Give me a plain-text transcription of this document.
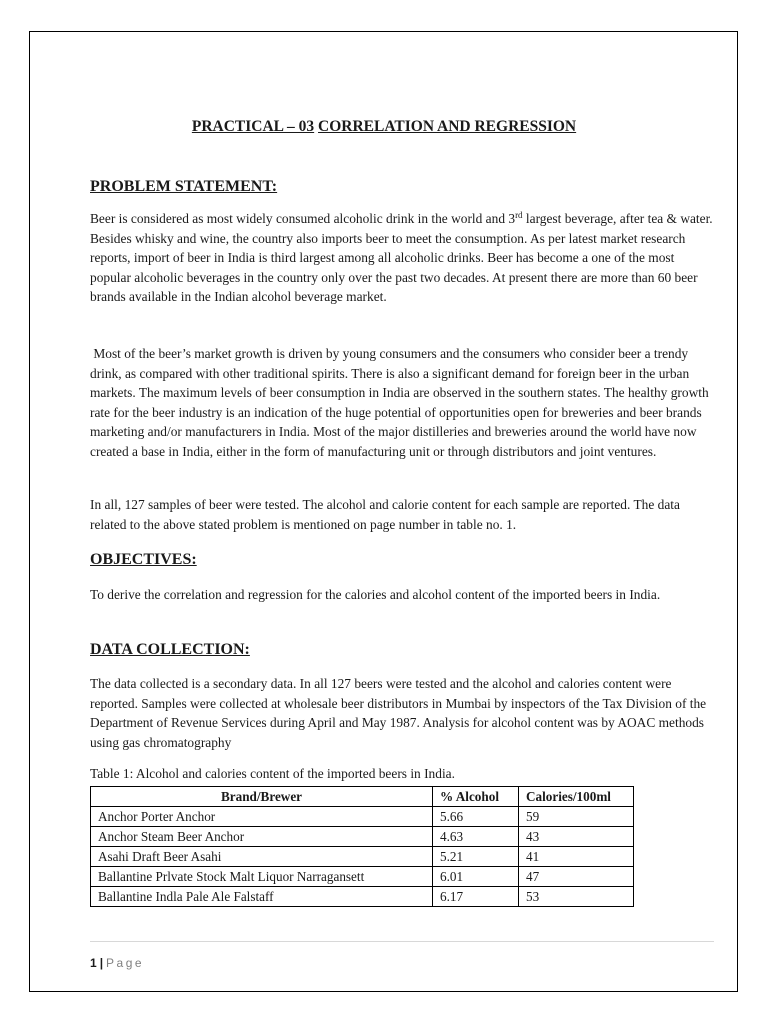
PRACTICAL – 03 CORRELATION AND REGRESSION
PROBLEM STATEMENT:

Beer is considered as most widely consumed alcoholic drink in the world and 3rd largest beverage, after tea & water. Besides whisky and wine, the country also imports beer to meet the consumption. As per latest market research reports, import of beer in India is third largest among all alcoholic drinks. Beer has become a one of the most popular alcoholic beverages in the country only over the past two decades. At present there are more than 60 beer brands available in the Indian alcohol beverage market.

Most of the beer’s market growth is driven by young consumers and the consumers who consider beer a trendy drink, as compared with other traditional spirits. There is also a significant demand for foreign beer in the urban markets. The maximum levels of beer consumption in India are observed in the southern states. The healthy growth rate for the beer industry is an indication of the huge potential of opportunities open for breweries and beer brands marketing and/or manufacturers in India. Most of the major distilleries and breweries around the world have now created a base in India, either in the form of manufacturing unit or through distributors and joint ventures.

In all, 127 samples of beer were tested. The alcohol and calorie content for each sample are reported. The data related to the above stated problem is mentioned on page number in table no. 1.

OBJECTIVES:

To derive the correlation and regression for the calories and alcohol content of the imported beers in India.

DATA COLLECTION:

The data collected is a secondary data. In all 127 beers were tested and the alcohol and calories content were reported. Samples were collected at wholesale beer distributors in Mumbai by inspectors of the Tax Division of the Department of Revenue Services during April and May 1987. Analysis for alcohol content was by AOAC methods using gas chromatography

Table 1: Alcohol and calories content of the imported beers in India.

Brand/Brewer	% Alcohol	Calories/100ml
Anchor Porter Anchor	5.66	59
Anchor Steam Beer Anchor	4.63	43
Asahi Draft Beer Asahi	5.21	41
Ballantine Prlvate Stock Malt Liquor Narragansett	6.01	47
Ballantine Indla Pale Ale Falstaff	6.17	53
1 | Page
